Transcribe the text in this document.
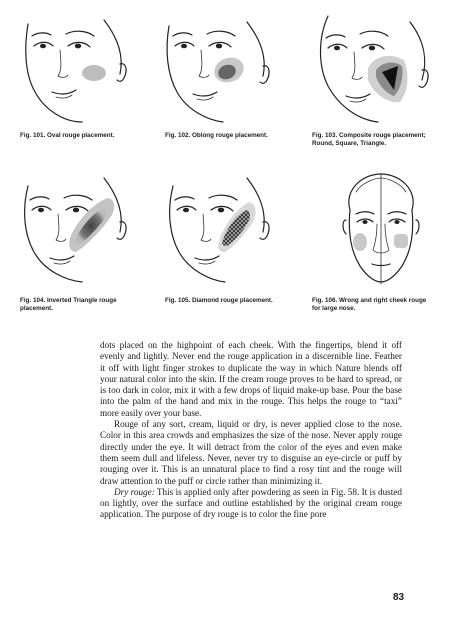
Fig. 101. Oval rouge placement.	Fig. 102. Oblong rouge placement.	Fig. 103. Composite rouge placement; Round, Square, Triangle.
Fig. 104. Inverted Triangle rouge placement.
Fig. 105. Diamond rouge placement.	Fig. 106. Wrong and right cheek rouge for large nose.

dots placed on the highpoint of each cheek. With the fingertips, blend it off evenly and lightly. Never end the rouge application in a discernible line. Feather it off with light finger strokes to duplicate the way in which Nature blends off your natural color into the skin. If the cream rouge proves to be hard to spread, or is too dark in color, mix it with a few drops of liquid make-up base. Pour the base into the palm of the hand and mix in the rouge. This helps the rouge to “taxi” more easily over your base.

Rouge of any sort, cream, liquid or dry, is never applied close to the nose. Color in this area crowds and emphasizes the size of the nose. Never apply rouge directly under the eye. It will detract from the color of the eyes and even make them seem dull and lifeless. Never, never try to disguise an eye-circle or puff by rouging over it. This is an unnatural place to find a rosy tint and the rouge will draw attention to the puff or circle rather than minimizing it.

Dry rouge: This is applied only after powdering as seen in Fig. 58. It is dusted on lightly, over the surface and outline established by the original cream rouge application. The purpose of dry rouge is to color the fine pore

83
